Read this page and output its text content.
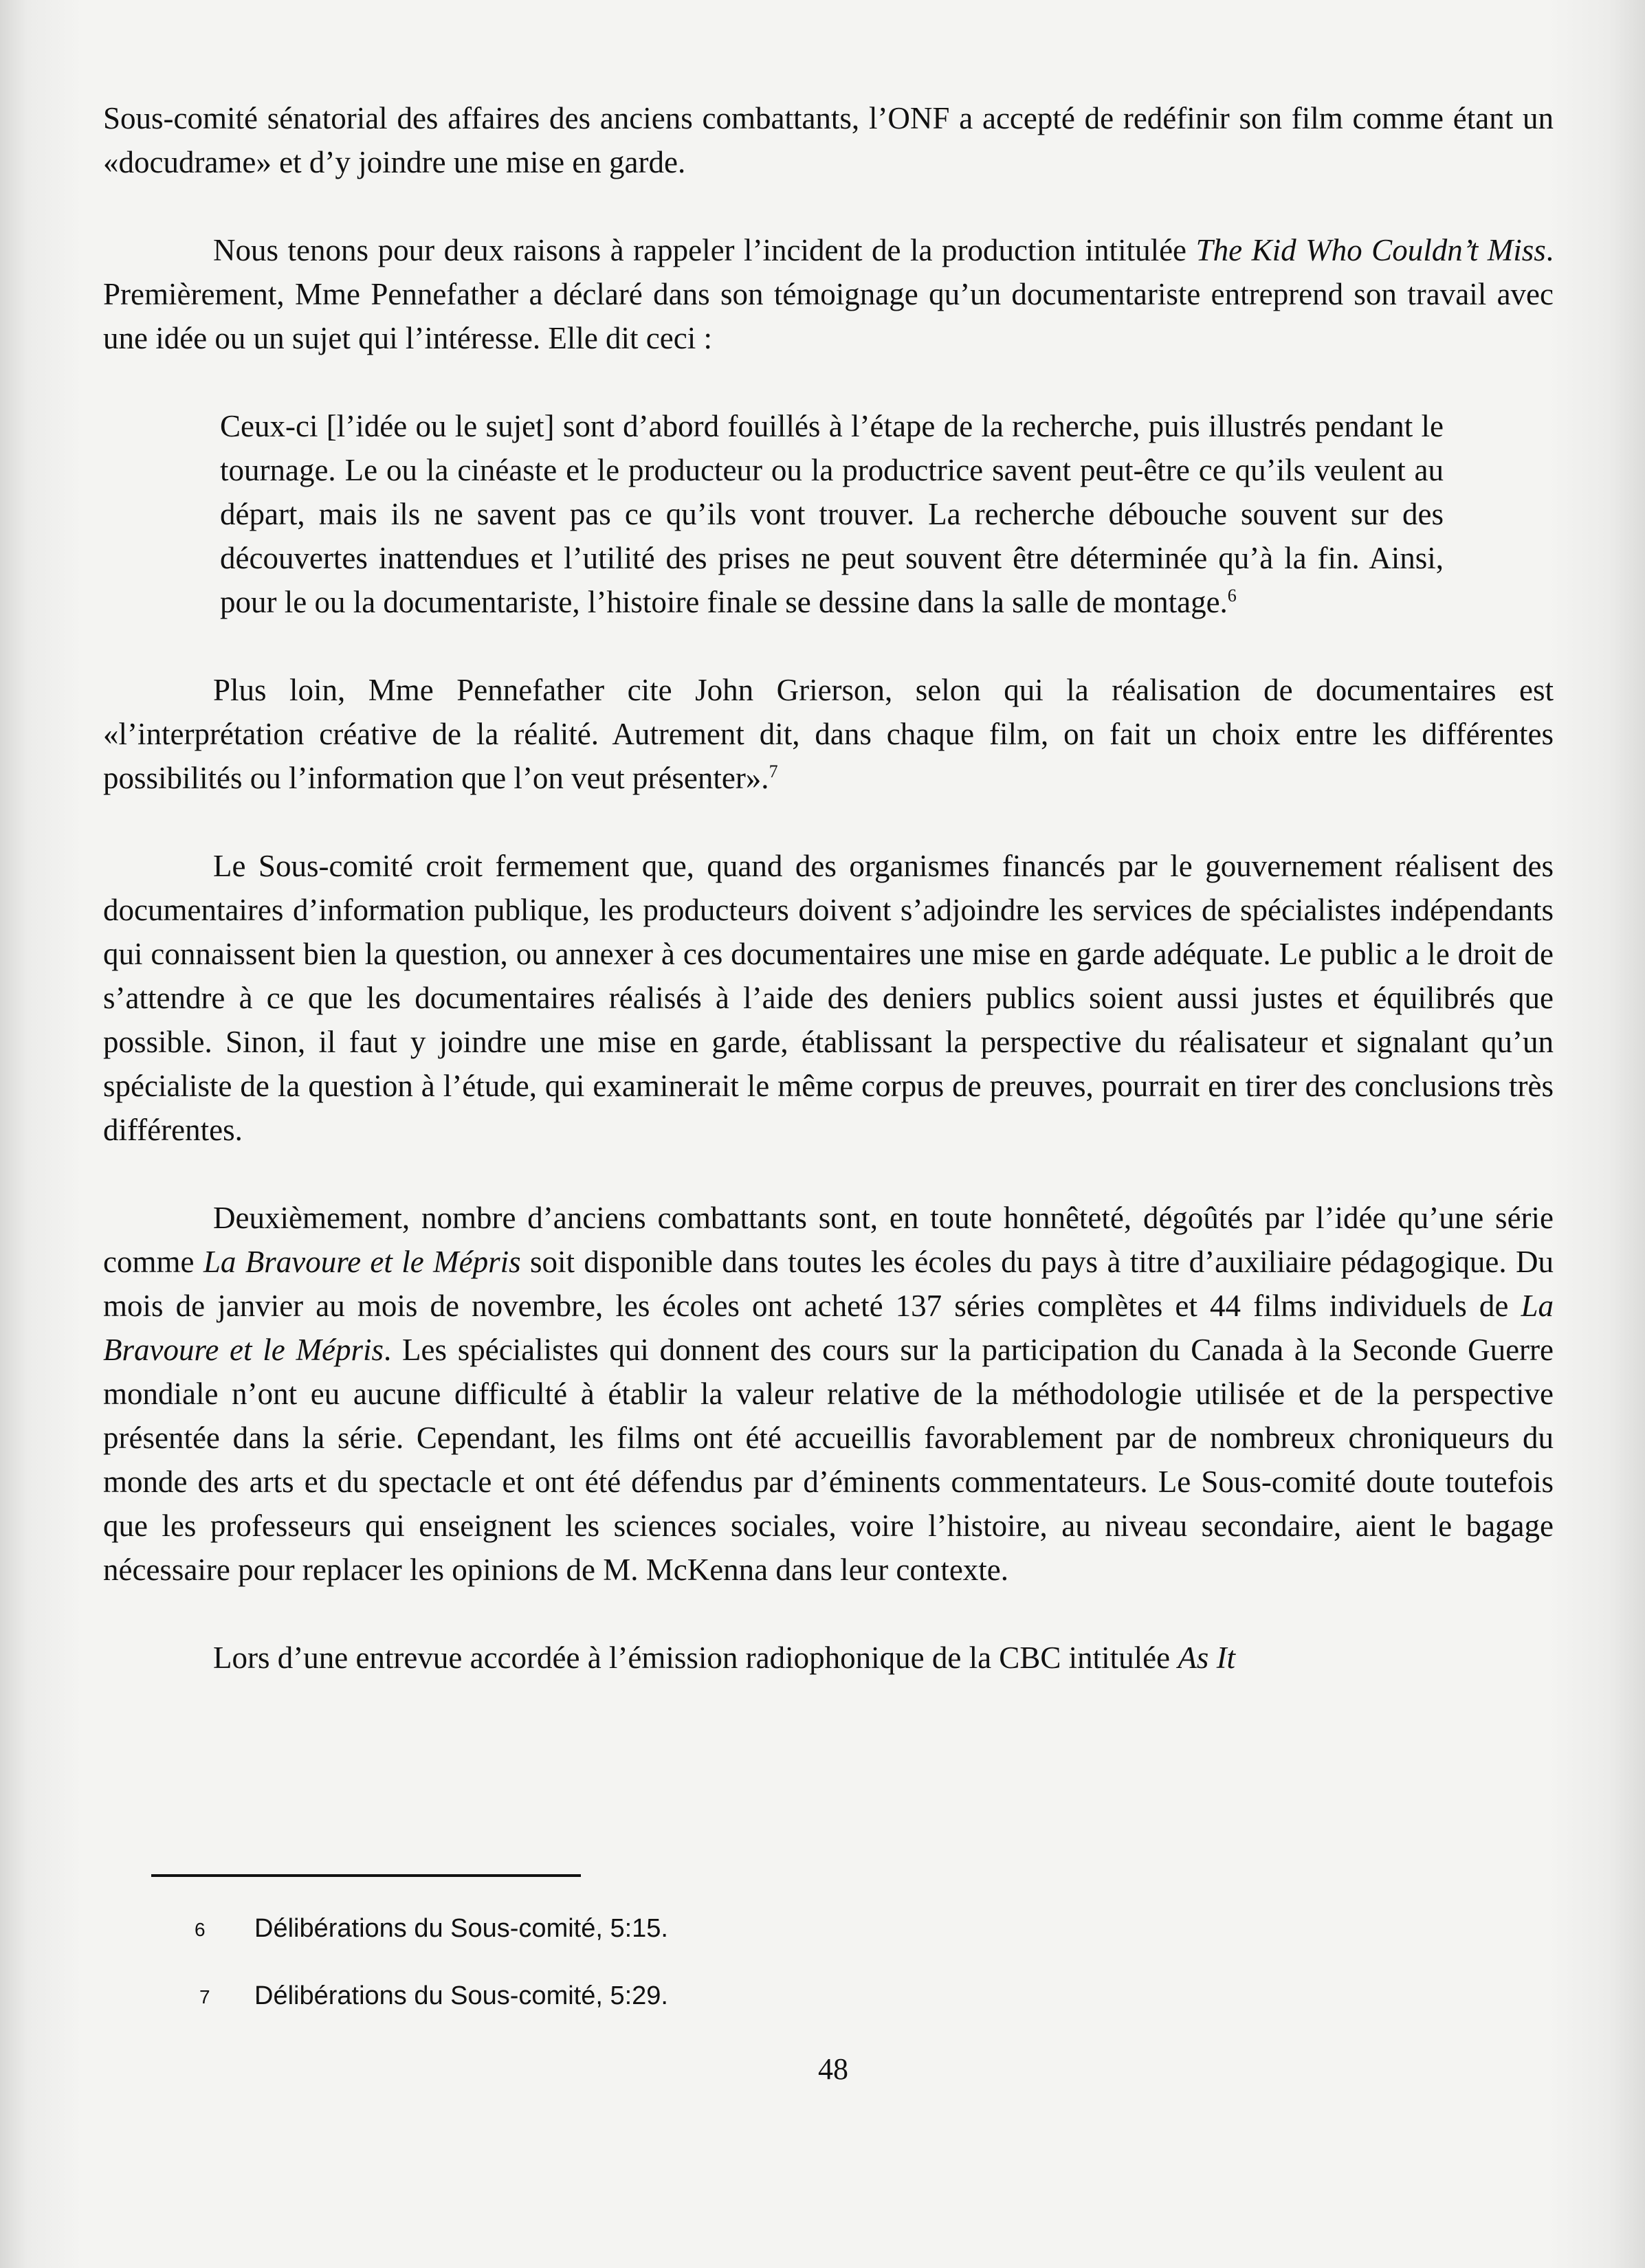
Sous-comité sénatorial des affaires des anciens combattants, l’ONF a accepté de redéfinir son film comme étant un «docudrame» et d’y joindre une mise en garde.

Nous tenons pour deux raisons à rappeler l’incident de la production intitulée The Kid Who Couldn’t Miss. Premièrement, Mme Pennefather a déclaré dans son témoignage qu’un documentariste entreprend son travail avec une idée ou un sujet qui l’intéresse. Elle dit ceci :

Ceux-ci [l’idée ou le sujet] sont d’abord fouillés à l’étape de la recherche, puis illustrés pendant le tournage. Le ou la cinéaste et le producteur ou la productrice savent peut-être ce qu’ils veulent au départ, mais ils ne savent pas ce qu’ils vont trouver. La recherche débouche souvent sur des découvertes inattendues et l’utilité des prises ne peut souvent être déterminée qu’à la fin. Ainsi, pour le ou la documentariste, l’histoire finale se dessine dans la salle de montage.$^6$

Plus loin, Mme Pennefather cite John Grierson, selon qui la réalisation de documentaires est «l’interprétation créative de la réalité. Autrement dit, dans chaque film, on fait un choix entre les différentes possibilités ou l’information que l’on veut présenter».$^7$

Le Sous-comité croit fermement que, quand des organismes financés par le gouvernement réalisent des documentaires d’information publique, les producteurs doivent s’adjoindre les services de spécialistes indépendants qui connaissent bien la question, ou annexer à ces documentaires une mise en garde adéquate. Le public a le droit de s’attendre à ce que les documentaires réalisés à l’aide des deniers publics soient aussi justes et équilibrés que possible. Sinon, il faut y joindre une mise en garde, établissant la perspective du réalisateur et signalant qu’un spécialiste de la question à l’étude, qui examinerait le même corpus de preuves, pourrait en tirer des conclusions très différentes.

Deuxièmement, nombre d’anciens combattants sont, en toute honnêteté, dégoûtés par l’idée qu’une série comme La Bravoure et le Mépris soit disponible dans toutes les écoles du pays à titre d’auxiliaire pédagogique. Du mois de janvier au mois de novembre, les écoles ont acheté 137 séries complètes et 44 films individuels de La Bravoure et le Mépris. Les spécialistes qui donnent des cours sur la participation du Canada à la Seconde Guerre mondiale n’ont eu aucune difficulté à établir la valeur relative de la méthodologie utilisée et de la perspective présentée dans la série. Cependant, les films ont été accueillis favorablement par de nombreux chroniqueurs du monde des arts et du spectacle et ont été défendus par d’éminents commentateurs. Le Sous-comité doute toutefois que les professeurs qui enseignent les sciences sociales, voire l’histoire, au niveau secondaire, aient le bagage nécessaire pour replacer les opinions de M. McKenna dans leur contexte.

Lors d’une entrevue accordée à l’émission radiophonique de la CBC intitulée As It

6 Délibérations du Sous-comité, 5:15.
7 Délibérations du Sous-comité, 5:29.
48
